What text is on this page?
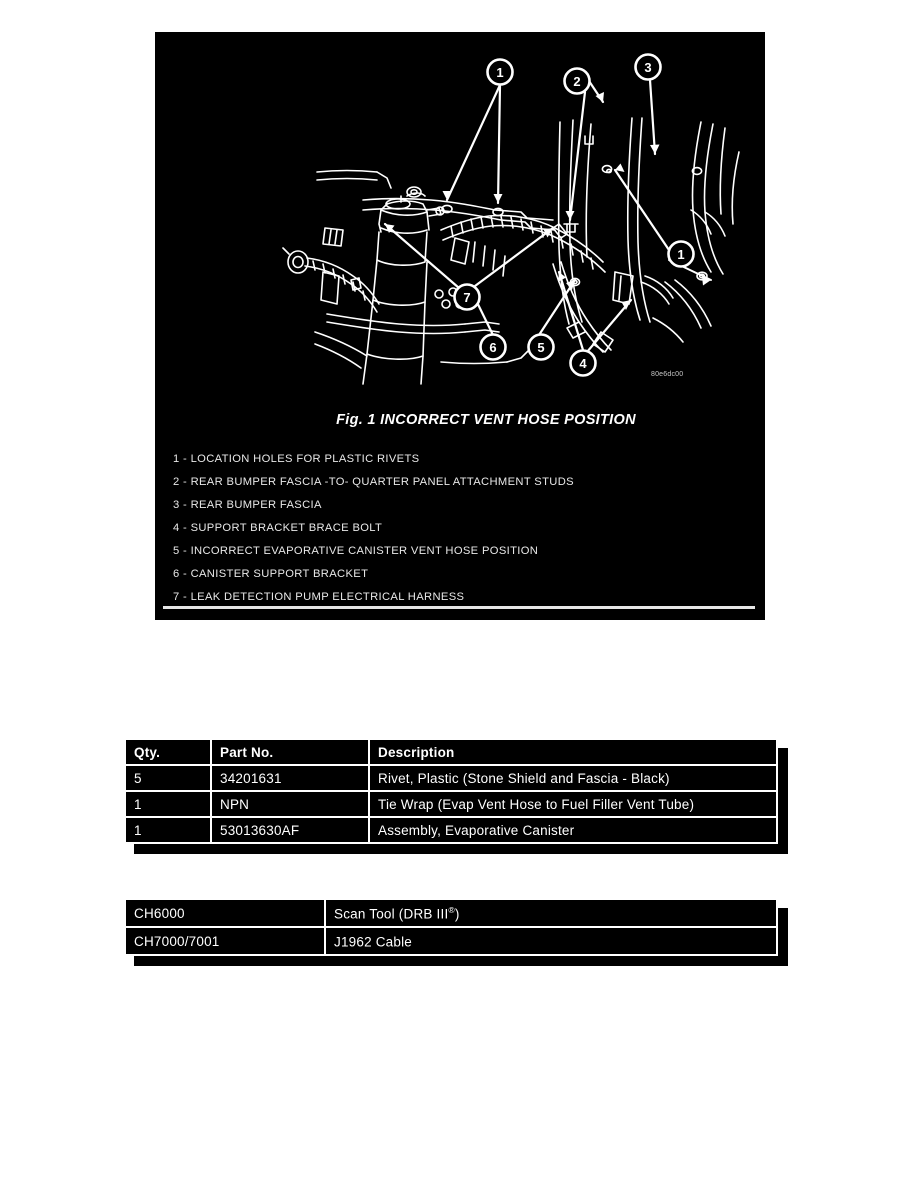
1
2
3
1
7
6	5
4
80e6dc00
Fig. 1 INCORRECT VENT HOSE POSITION
1 - LOCATION HOLES FOR PLASTIC RIVETS
2 - REAR BUMPER FASCIA -TO- QUARTER PANEL ATTACHMENT STUDS
3 - REAR BUMPER FASCIA
4 - SUPPORT BRACKET BRACE BOLT
5 - INCORRECT EVAPORATIVE CANISTER VENT HOSE POSITION
6 - CANISTER SUPPORT BRACKET
7 - LEAK DETECTION PUMP ELECTRICAL HARNESS
Qty.	Part No.	Description
5	34201631	Rivet, Plastic (Stone Shield and Fascia - Black)
1	NPN	Tie Wrap (Evap Vent Hose to Fuel Filler Vent Tube)
1	53013630AF	Assembly, Evaporative Canister
CH6000	Scan Tool (DRB III®)
CH7000/7001	J1962 Cable
